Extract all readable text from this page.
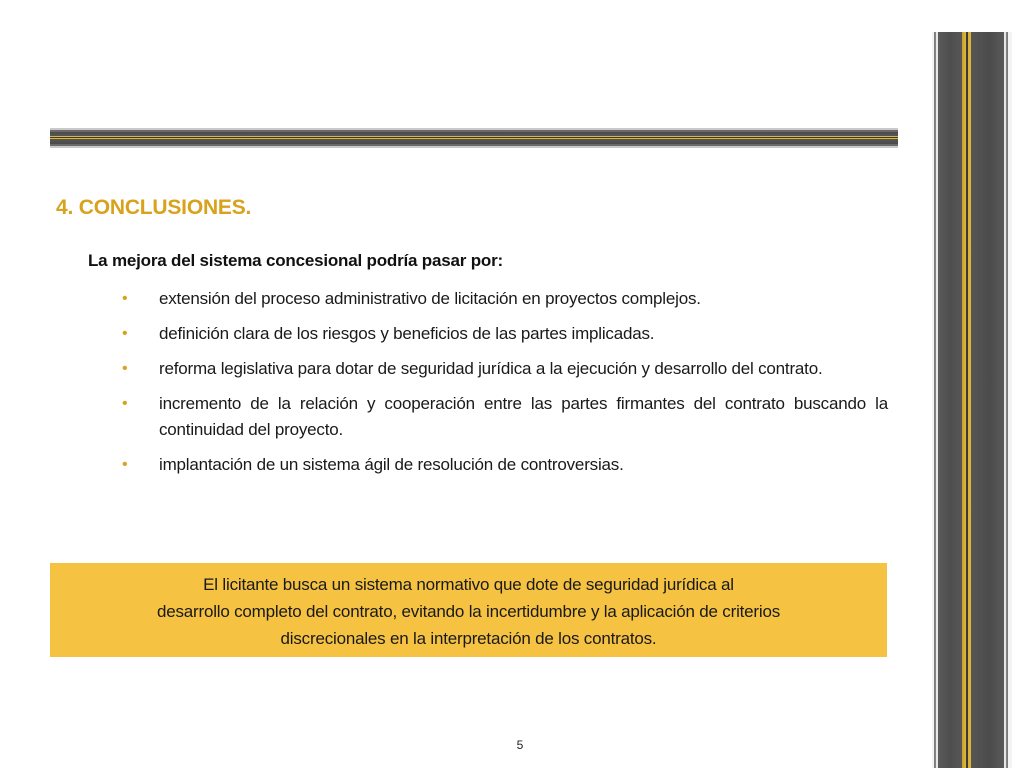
4. CONCLUSIONES.

La mejora del sistema concesional podría pasar por:

• extensión del proceso administrativo de licitación en proyectos complejos.
• definición clara de los riesgos y beneficios de las partes implicadas.
• reforma legislativa para dotar de seguridad jurídica a la ejecución y desarrollo del contrato.
• incremento de la relación y cooperación entre las partes firmantes del contrato buscando la continuidad del proyecto.
• implantación de un sistema ágil de resolución de controversias.
El licitante busca un sistema normativo que dote de seguridad jurídica al
desarrollo completo del contrato, evitando la incertidumbre y la aplicación de criterios
discrecionales en la interpretación de los contratos.
5
